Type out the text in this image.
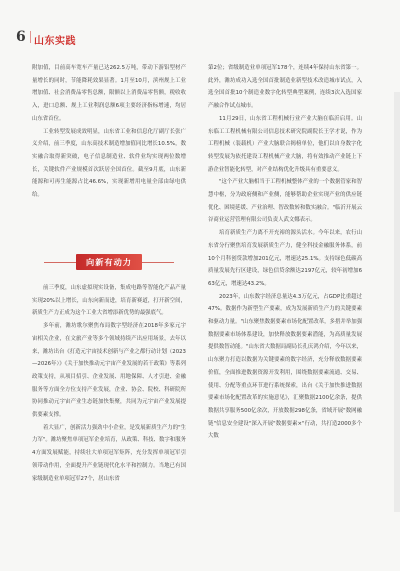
6 山东实践

附加值，目前高车宽车产量已达262.5万吨，带动下游铝型材产量增长的同时，节能降耗效果显著。1月至10月，滨州规上工业增加值、社会消费品零售总额，限额以上消费品零售额，税收收入，进口总额、规上工业利润总额6项主要经济指标增速，均居山东省首位。

工业转型发展成效明显，山东省工业和信息化厅副厅长张广义介绍，前三季度，山东高技术制造增加值同比增长10.5%，数实融合取得新突破，电子信息制造业、软件业均实现两位数增长，关键软件产业规模首次跃居全国首位。截至9月底，山东新能源和可再生能源占比46.6%，实现新增用电量全部由绿电供给。

向新有动力

前三季度，山东虚拟现实设备，集成电路等智能化产品产量实现20%以上增长，山东向新而进，培育新赛道，打开新空间，新质生产力正成为这个工业大省增添新优势的最强底气。

多年前，潍坊歌尔聚焦布局数字型经济在2018年多家元宇宙相关企业，在文旅产业等多个领域持续产出应用场景，去年以来，潍坊出台《打造元宇宙技术创新与产业之都行动计划（2023—2026年）》《关于加快推动元宇宙产业发展的若干政策》等系列政策支持，从项目招引、企业发展、用地保障、人才引进、金融服务等方面全方位支持产业发展，企业、协会、院校、科研院所协同推动元宇宙产业生态链加快集聚，共同为元宇宙产业发展提供要素支撑。

着大显广，创新活力强劲中小企业，是发展新质生产力的"生力军"。潍坊聚焦单项冠军企业培育，从政策、科技、数字和服务4方面发展赋能，持续壮大单项冠军矩阵，充分发挥单项冠军引领带动作用，全面提升产业链现代化水平和控制力。当地已有国家级制造业单项冠军27个，居山东省

第2位；省级制造业单项冠军178个，连续4年保持山东省第一。此外，潍坊成功入选全国首批制造业新型技术改造城市试点，入选全国首批10个制造业数字化转型典型案例，连续3次入选国家产融合作试点城市。

11月29日，山东省工程机械行业产业大脑在临沂启用。山东临工工程机械有限公司信息技术研究院副院长王学才说，作为工程机械（装载机）产业大脑联合揭榜单位，他们以自身数字化转型发展为依托建设工程机械产业大脑，将有效推动产业链上下游企业智能化转型，对产业结构优化升级具有重要意义。

"这个产业大脑相当于工程机械整体产业的一个数据管家和智慧中枢，分为政府侧和产业侧，能够帮助企业实现产业的供应链优化、困境延缓、产业治理、智改数转和数实融合。"临沂开展云谷商业运营管理有限公司负责人武文娜表示。

培育新质生产力离不开充裕的源头活水。今年以来，农行山东省分行聚焦培育发展新质生产力，健全科技金融服务体系，前10个月科创贷款增加201亿元，增速达25.1%。支持绿色低碳高质量发展先行区建设，绿色信贷余额达2197亿元，较年初增加663亿元，增速达43.2%。

2023年，山东数字经济总量达4.3万亿元，占GDP比重超过47%。数据作为新型生产要素，成为发展新质生产力的关键要素和驱动力量。"山东聚焦数据要素市场化配置改革，多措并举加强数据要素市场体系建设，加快释放数据要素潜能，为高质量发展提供数智动能。"山东省大数据局副局长孔庆鸿介绍，今年以来，山东聚力打造以数据为关键要素的数字经济，充分释放数据要素价值，全面推进数据资源开发利用，围绕数据要素流通、交易、使用、分配等重点环节进行系统探索，出台《关于加快推进数据要素市场化配置改革的实施意见》，汇聚数据2100亿余条，提供数据共享服务500亿余次，开放数据298亿条，省域开展"数网融链"信息安全建设"深入开展"数据要素×"行动，共打造2000多个大数
